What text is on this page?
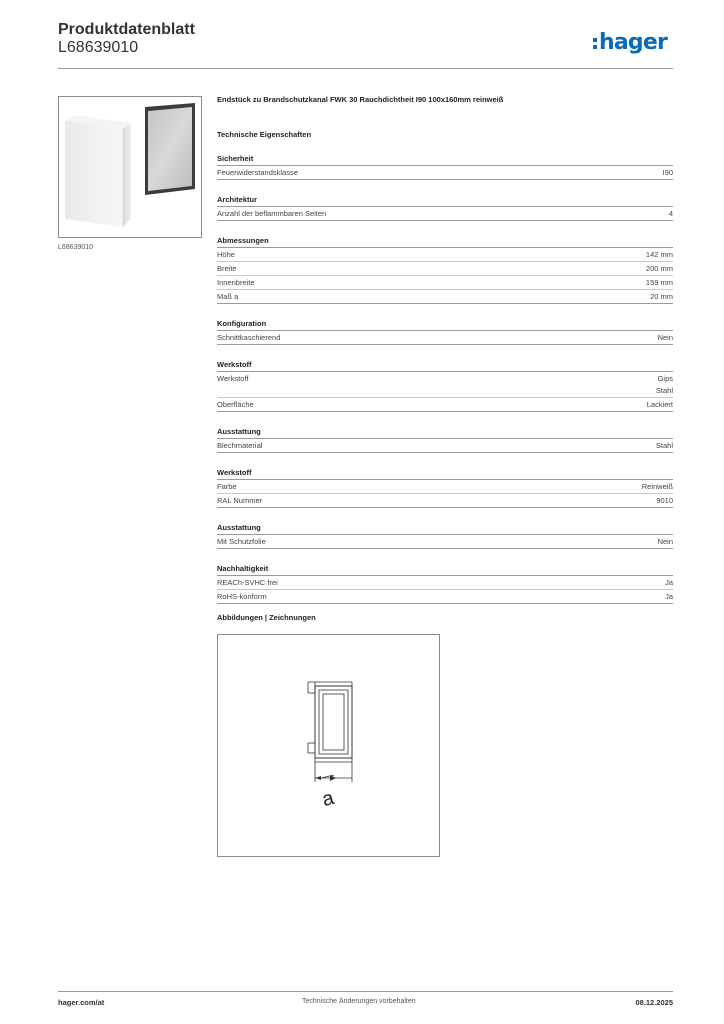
Produktdatenblatt
L68639010	hager
L68639010
Endstück zu Brandschutzkanal FWK 30 Rauchdichtheit I90 100x160mm reinweiß
Technische Eigenschaften
Sicherheit
Feuerwiderstandsklasse	I90
Architektur
Anzahl der beflammbaren Seiten	4
Abmessungen
Höhe	142 mm
Breite	200 mm
Innenbreite	159 mm
Maß a	20 mm
Konfiguration
Schnittkaschierend	Nein
Werkstoff
Werkstoff	Gips
Stahl
Oberfläche	Lackiert
Ausstattung
Blechmaterial	Stahl
Werkstoff
Farbe	Reinweiß
RAL Nummer	9010
Ausstattung
Mit Schutzfolie	Nein
Nachhaltigkeit
REACh-SVHC frei	Ja
RoHS-konform	Ja
Abbildungen | Zeichnungen
a
hager.com/at	Technische Änderungen vorbehalten	08.12.2025
